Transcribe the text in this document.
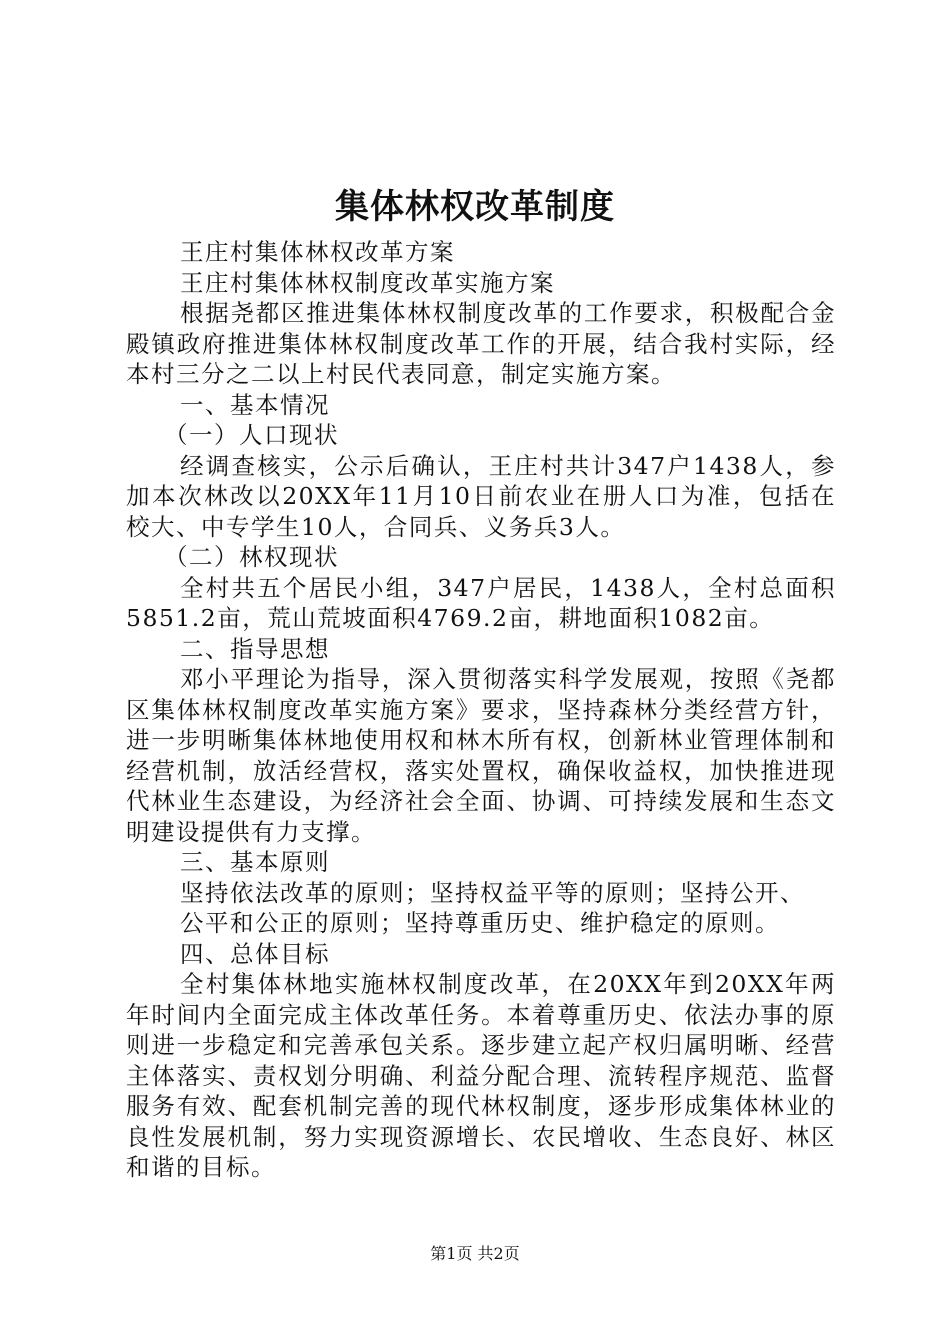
集体林权改革制度

王庄村集体林权改革方案

王庄村集体林权制度改革实施方案

根据尧都区推进集体林权制度改革的工作要求，积极配合金殿镇政府推进集体林权制度改革工作的开展，结合我村实际，经本村三分之二以上村民代表同意，制定实施方案。

一、基本情况

（一）人口现状

经调查核实，公示后确认，王庄村共计347户1438人，参加本次林改以20XX年11月10日前农业在册人口为准，包括在校大、中专学生10人，合同兵、义务兵3人。

（二）林权现状

全村共五个居民小组，347户居民，1438人，全村总面积5851.2亩，荒山荒坡面积4769.2亩，耕地面积1082亩。

二、指导思想

邓小平理论为指导，深入贯彻落实科学发展观，按照《尧都区集体林权制度改革实施方案》要求，坚持森林分类经营方针，进一步明晰集体林地使用权和林木所有权，创新林业管理体制和经营机制，放活经营权，落实处置权，确保收益权，加快推进现代林业生态建设，为经济社会全面、协调、可持续发展和生态文明建设提供有力支撑。

三、基本原则

坚持依法改革的原则；坚持权益平等的原则；坚持公开、

公平和公正的原则；坚持尊重历史、维护稳定的原则。

四、总体目标

全村集体林地实施林权制度改革，在20XX年到20XX年两年时间内全面完成主体改革任务。本着尊重历史、依法办事的原则进一步稳定和完善承包关系。逐步建立起产权归属明晰、经营主体落实、责权划分明确、利益分配合理、流转程序规范、监督服务有效、配套机制完善的现代林权制度，逐步形成集体林业的良性发展机制，努力实现资源增长、农民增收、生态良好、林区和谐的目标。

第1页 共2页
